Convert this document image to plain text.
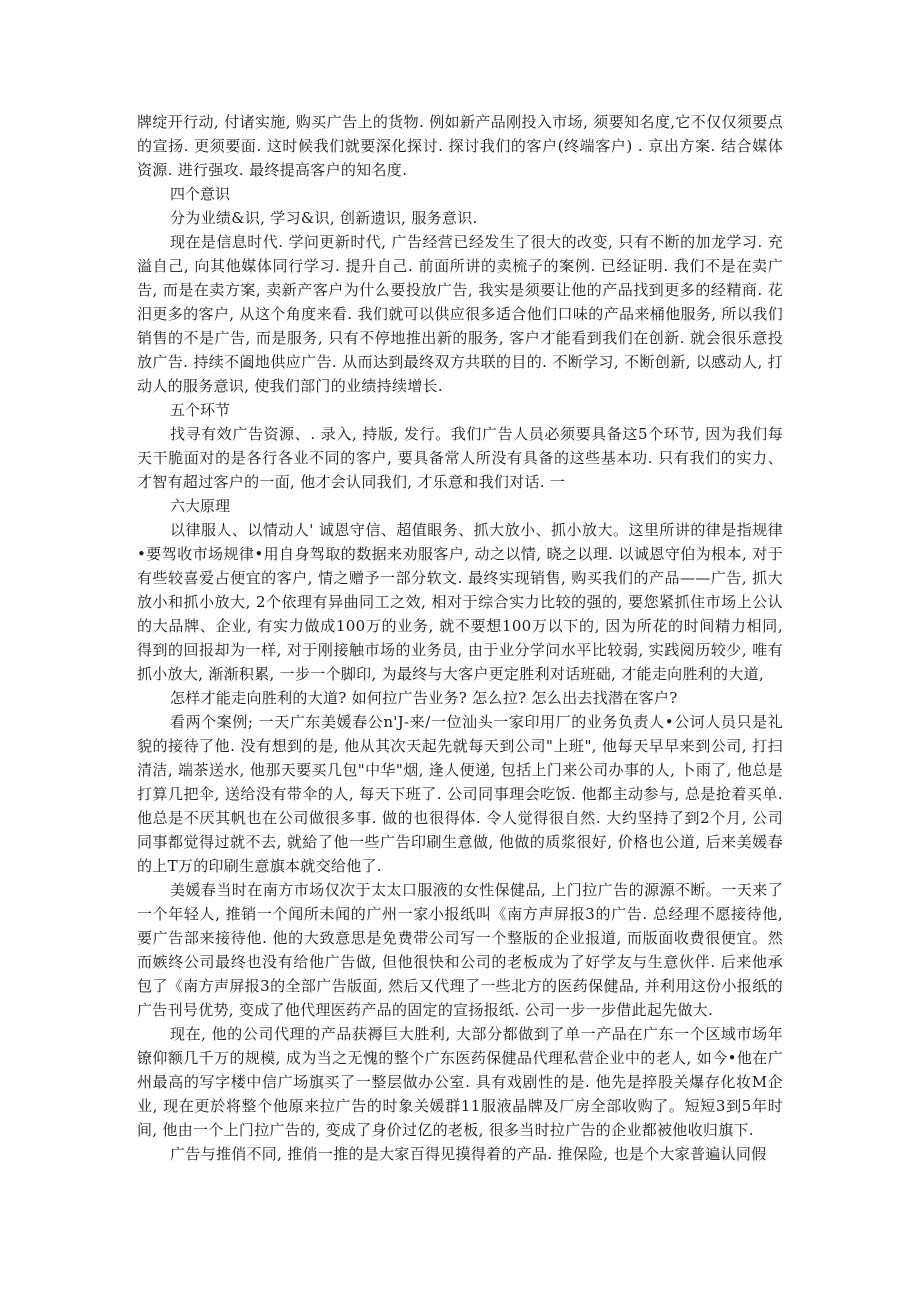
牌绽开行动, 付诸实施, 购买广告上的货物. 例如新产品刚投入市场, 须要知名度,它不仅仅须要点的宣扬. 更须要面. 这时候我们就要深化探讨. 探讨我们的客户(终端客户) . 京出方案. 结合媒体资源. 进行强攻. 最终提高客户的知名度.

四个意识

分为业绩&识, 学习&识, 创新遗识, 服务意识.

现在是信息时代. 学问更新时代, 广告经营已经发生了很大的改变, 只有不断的加龙学习. 充溢自己, 向其他媒体同行学习. 提升自己. 前面所讲的卖梳子的案例. 已经证明. 我们不是在卖广告, 而是在卖方案, 卖新产客户为什么要投放广告, 我实是须要让他的产品找到更多的经精商. 花汨更多的客户, 从这个角度来看. 我们就可以供应很多适合他们口味的产品来桶他服务, 所以我们销售的不是广告, 而是服务, 只有不停地推出新的服务, 客户才能看到我们在创新. 就会很乐意投放广告. 持续不阖地供应广告. 从而达到最终双方共联的目的. 不断学习, 不断创新, 以感动人, 打动人的服务意识, 使我们部门的业绩持续增长.

五个环节

找寻有效广告资源、. 录入, 持版, 发行。我们广告人员必须要具备这5个环节, 因为我们每天干脆面对的是各行各业不同的客户, 要具备常人所没有具备的这些基本功. 只有我们的实力、才智有超过客户的一面, 他才会认同我们, 才乐意和我们对话. 一

六大原理

以律服人、以情动人' 诚恩守信、超值眼务、抓大放小、抓小放大。这里所讲的律是指规律•要驾收市场规律•用自身驾取的数据来劝服客户, 动之以情, 晓之以理. 以诚恩守伯为根本, 对于有些较喜爱占便宜的客户, 情之赠予一部分软文. 最终实现销售, 购买我们的产品——广告, 抓大放小和抓小放大, 2个依理有异曲同工之效, 相对于综合实力比较的强的, 要您紧抓住市场上公认的大品牌、企业, 有实力做成100万的业务, 就不要想100万以下的, 因为所花的时间精力相同, 得到的回报却为一样, 对于刚接触市场的业务员, 由于业分学问水平比较弱, 实践阅历较少, 唯有抓小放大, 渐渐积累, 一步一个脚印, 为最终与大客户更定胜利对话班础, 才能走向胜利的大道,

怎样才能走向胜利的大道? 如何拉广告业务? 怎么拉? 怎么出去找潜在客户?

看两个案例; 一天广东美媛春公n'J-来/一位汕头一家印用厂的业务负责人•公诃人员只是礼貌的接待了他. 没有想到的是, 他从其次天起先就每天到公司"上班", 他每天早早来到公司, 打扫清洁, 端茶送水, 他那天要买几包"中华"烟, 逢人便递, 包括上门来公司办事的人, 卜雨了, 他总是打算几把伞, 送给没有带伞的人, 每天下班了. 公司同事理会吃饭. 他都主动参与, 总是抢着买单. 他总是不厌其帆也在公司做很多事. 做的也很得体. 令人觉得很自然. 大约坚持了到2个月, 公司同事都觉得过就不去, 就給了他一些广告印刷生意做, 他做的质浆很好, 价格也公道, 后来美媛春的上T万的印刷生意旗本就交给他了.

美媛春当时在南方市场仅次于太太口服液的女性保健品, 上门拉广告的源源不断。一天来了一个年轻人, 推销一个闻所未闻的广州一家小报纸叫《南方声屏报3的广告. 总经理不愿接待他, 要广告部来接待他. 他的大致意思是免费带公司写一个整版的企业报道, 而版面收费很便宜。然而嫉终公司最终也没有给他广告做, 但他很快和公司的老板成为了好学友与生意伙伴. 后来他承包了《南方声屏报3的全部广告版面, 然后又代理了一些北方的医药保健品, 并利用这份小报纸的广告刊号优势, 变成了他代理医药产品的固定的宣扬报纸. 公司一步一步借此起先做大.

现在, 他的公司代理的产品获褥巨大胜利, 大部分都做到了单一产品在广东一个区域市场年镣仰额几千万的规模, 成为当之无愧的整个广东医药保健品代理私营企业中的老人, 如今•他在广州最高的写字楼中信广场旗买了一整层做办公室. 具有戏剧性的是. 他先是捽股关爆存化妆M企业, 现在更於将整个他原来拉广告的时象关媛群11服液晶牌及厂房全部收购了。短短3到5年时间, 他由一个上门拉广告的, 变成了身价过亿的老板, 很多当时拉广告的企业都被他收归旗下.

广告与推俏不同, 推俏一推的是大家百得见摸得着的产品. 推保险, 也是个大家普遍认同假
